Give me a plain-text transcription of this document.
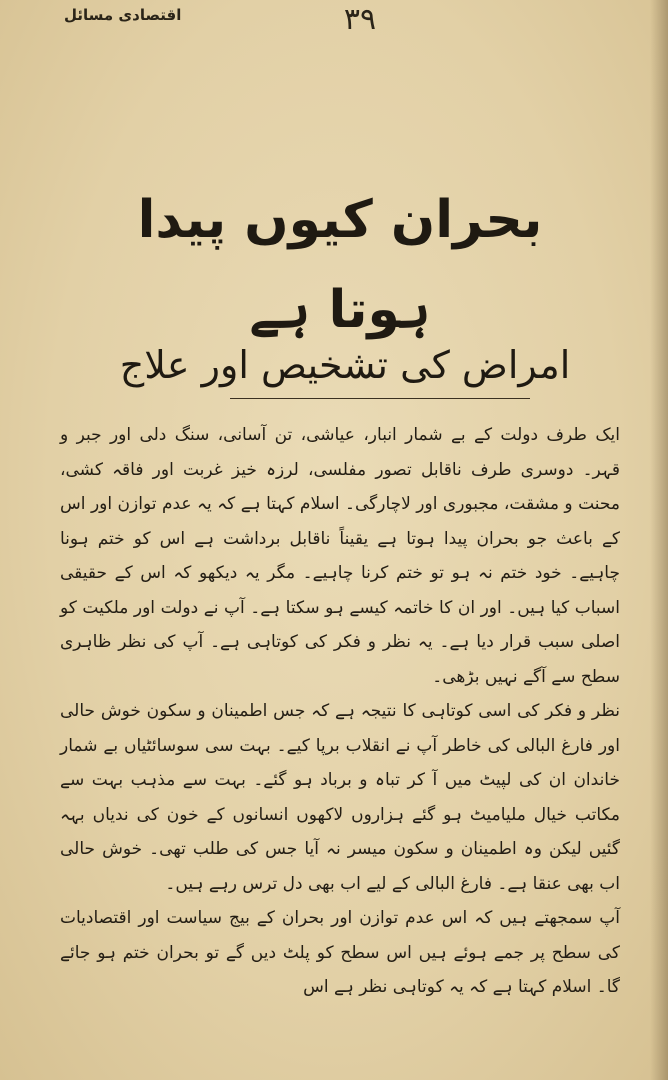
اقتصادی مسائل	٣٩
بحران کیوں پیدا ہوتا ہے
امراض کی تشخیص اور علاج

ایک طرف دولت کے بے شمار انبار، عیاشی، تن آسانی، سنگ دلی اور جبر و قہر۔ دوسری طرف ناقابل تصور مفلسی، لرزہ خیز غربت اور فاقہ کشی، محنت و مشقت، مجبوری اور لاچارگی۔ اسلام کہتا ہے کہ یہ عدم توازن اور اس کے باعث جو بحران پیدا ہوتا ہے یقیناً ناقابل برداشت ہے اس کو ختم ہونا چاہیے۔ خود ختم نہ ہو تو ختم کرنا چاہیے۔ مگر یہ دیکھو کہ اس کے حقیقی اسباب کیا ہیں۔ اور ان کا خاتمہ کیسے ہو سکتا ہے۔ آپ نے دولت اور ملکیت کو اصلی سبب قرار دیا ہے۔ یہ نظر و فکر کی کوتاہی ہے۔ آپ کی نظر ظاہری سطح سے آگے نہیں بڑھی۔

نظر و فکر کی اسی کوتاہی کا نتیجہ ہے کہ جس اطمینان و سکون خوش حالی اور فارغ البالی کی خاطر آپ نے انقلاب برپا کیے۔ بہت سی سوسائٹیاں بے شمار خاندان ان کی لپیٹ میں آ کر تباہ و برباد ہو گئے۔ بہت سے مذہب بہت سے مکاتب خیال ملیامیٹ ہو گئے ہزاروں لاکھوں انسانوں کے خون کی ندیاں بہہ گئیں لیکن وہ اطمینان و سکون میسر نہ آیا جس کی طلب تھی۔ خوش حالی اب بھی عنقا ہے۔ فارغ البالی کے لیے اب بھی دل ترس رہے ہیں۔

آپ سمجھتے ہیں کہ اس عدم توازن اور بحران کے بیج سیاست اور اقتصادیات کی سطح پر جمے ہوئے ہیں اس سطح کو پلٹ دیں گے تو بحران ختم ہو جائے گا۔ اسلام کہتا ہے کہ یہ کوتاہی نظر ہے اس
